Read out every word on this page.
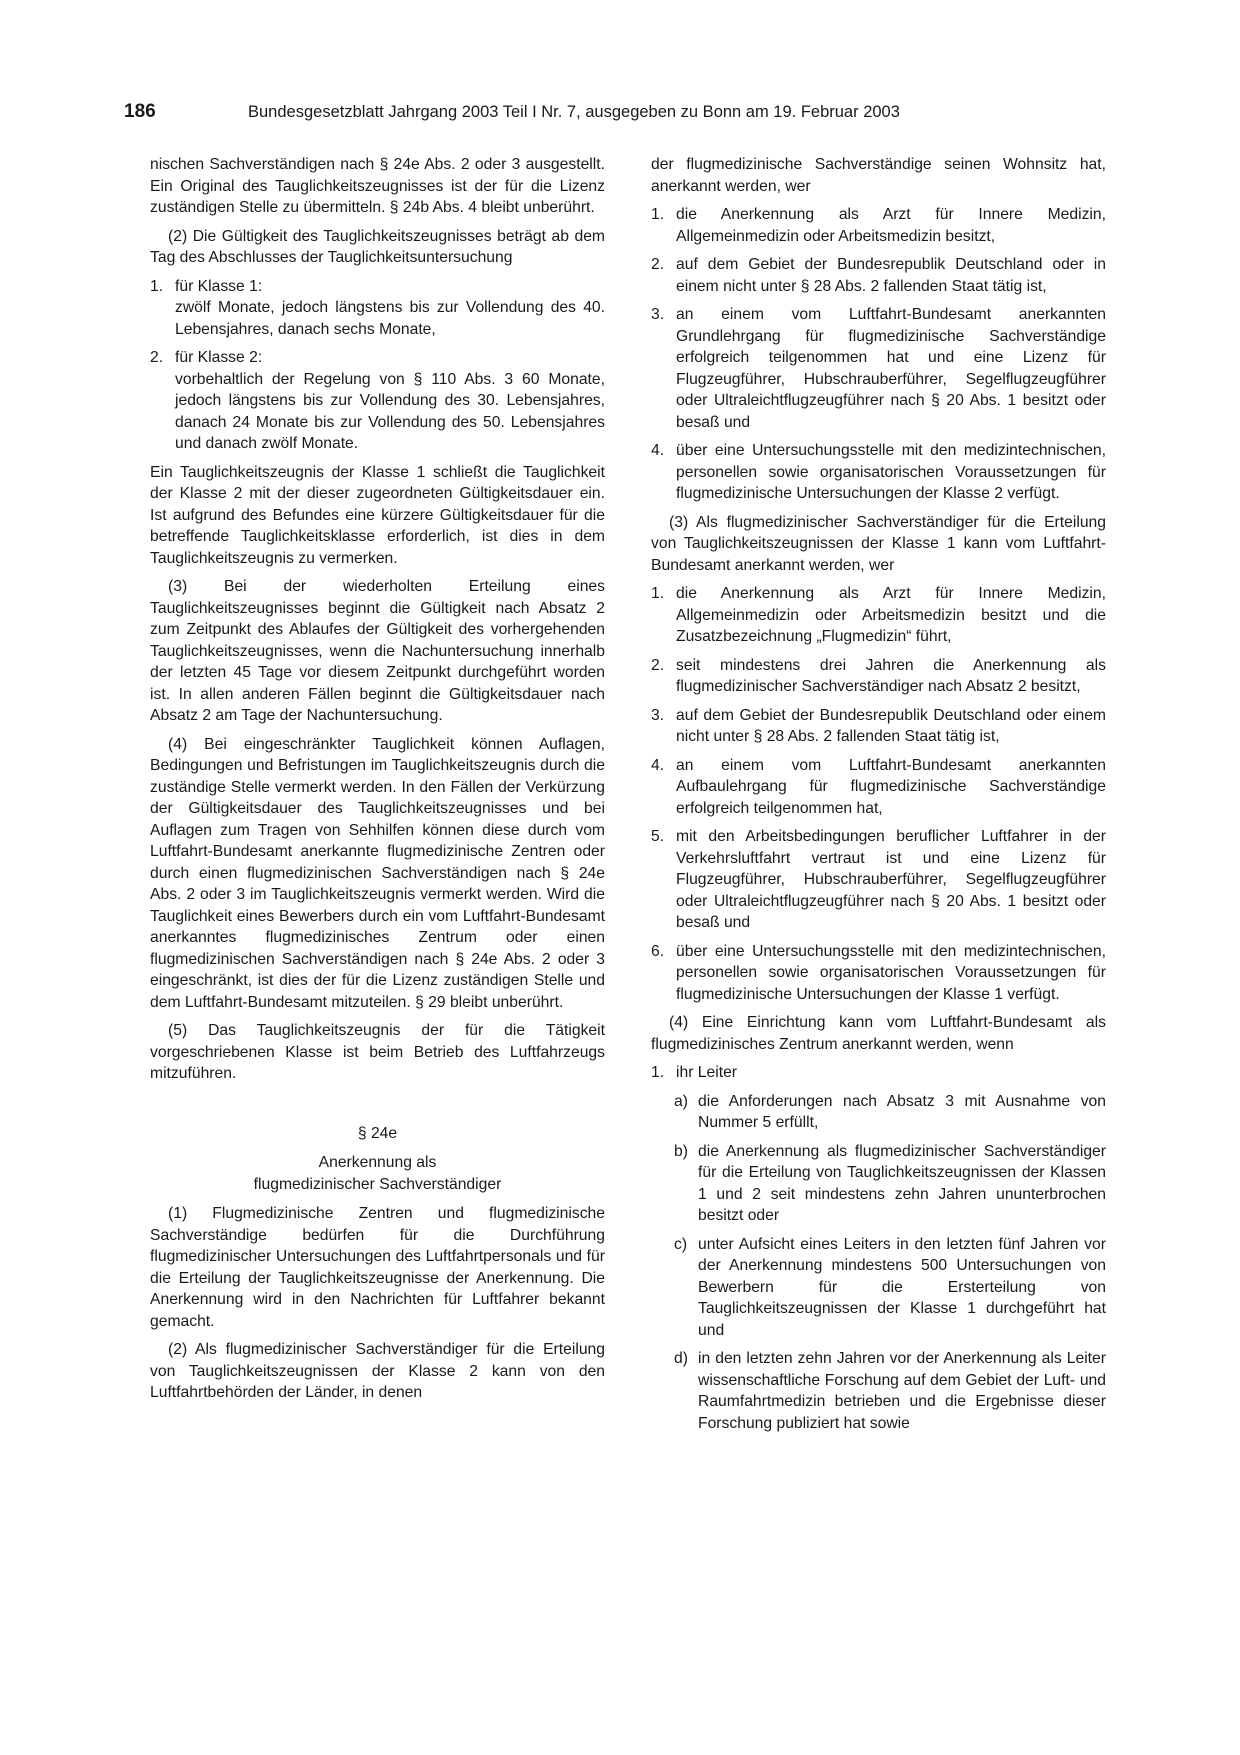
186	Bundesgesetzblatt Jahrgang 2003 Teil I Nr. 7, ausgegeben zu Bonn am 19. Februar 2003

nischen Sachverständigen nach § 24e Abs. 2 oder 3 ausgestellt. Ein Original des Tauglichkeitszeugnisses ist der für die Lizenz zuständigen Stelle zu übermitteln. § 24b Abs. 4 bleibt unberührt.

(2) Die Gültigkeit des Tauglichkeitszeugnisses beträgt ab dem Tag des Abschlusses der Tauglichkeitsuntersuchung

1. für Klasse 1:
zwölf Monate, jedoch längstens bis zur Vollendung des 40. Lebensjahres, danach sechs Monate,
2. für Klasse 2:
vorbehaltlich der Regelung von § 110 Abs. 3 60 Monate, jedoch längstens bis zur Vollendung des 30. Lebensjahres, danach 24 Monate bis zur Vollendung des 50. Lebensjahres und danach zwölf Monate.

Ein Tauglichkeitszeugnis der Klasse 1 schließt die Tauglichkeit der Klasse 2 mit der dieser zugeordneten Gültigkeitsdauer ein. Ist aufgrund des Befundes eine kürzere Gültigkeitsdauer für die betreffende Tauglichkeitsklasse erforderlich, ist dies in dem Tauglichkeitszeugnis zu vermerken.

(3) Bei der wiederholten Erteilung eines Tauglichkeitszeugnisses beginnt die Gültigkeit nach Absatz 2 zum Zeitpunkt des Ablaufes der Gültigkeit des vorhergehenden Tauglichkeitszeugnisses, wenn die Nachuntersuchung innerhalb der letzten 45 Tage vor diesem Zeitpunkt durchgeführt worden ist. In allen anderen Fällen beginnt die Gültigkeitsdauer nach Absatz 2 am Tage der Nachuntersuchung.

(4) Bei eingeschränkter Tauglichkeit können Auflagen, Bedingungen und Befristungen im Tauglichkeitszeugnis durch die zuständige Stelle vermerkt werden. In den Fällen der Verkürzung der Gültigkeitsdauer des Tauglichkeitszeugnisses und bei Auflagen zum Tragen von Sehhilfen können diese durch vom Luftfahrt-Bundesamt anerkannte flugmedizinische Zentren oder durch einen flugmedizinischen Sachverständigen nach § 24e Abs. 2 oder 3 im Tauglichkeitszeugnis vermerkt werden. Wird die Tauglichkeit eines Bewerbers durch ein vom Luftfahrt-Bundesamt anerkanntes flugmedizinisches Zentrum oder einen flugmedizinischen Sachverständigen nach § 24e Abs. 2 oder 3 eingeschränkt, ist dies der für die Lizenz zuständigen Stelle und dem Luftfahrt-Bundesamt mitzuteilen. § 29 bleibt unberührt.

(5) Das Tauglichkeitszeugnis der für die Tätigkeit vorgeschriebenen Klasse ist beim Betrieb des Luftfahrzeugs mitzuführen.

§ 24e
Anerkennung als
flugmedizinischer Sachverständiger

(1) Flugmedizinische Zentren und flugmedizinische Sachverständige bedürfen für die Durchführung flugmedizinischer Untersuchungen des Luftfahrtpersonals und für die Erteilung der Tauglichkeitszeugnisse der Anerkennung. Die Anerkennung wird in den Nachrichten für Luftfahrer bekannt gemacht.

(2) Als flugmedizinischer Sachverständiger für die Erteilung von Tauglichkeitszeugnissen der Klasse 2 kann von den Luftfahrtbehörden der Länder, in denen

der flugmedizinische Sachverständige seinen Wohnsitz hat, anerkannt werden, wer

1. die Anerkennung als Arzt für Innere Medizin, Allgemeinmedizin oder Arbeitsmedizin besitzt,
2. auf dem Gebiet der Bundesrepublik Deutschland oder in einem nicht unter § 28 Abs. 2 fallenden Staat tätig ist,
3. an einem vom Luftfahrt-Bundesamt anerkannten Grundlehrgang für flugmedizinische Sachverständige erfolgreich teilgenommen hat und eine Lizenz für Flugzeugführer, Hubschrauberführer, Segelflugzeugführer oder Ultraleichtflugzeugführer nach § 20 Abs. 1 besitzt oder besaß und
4. über eine Untersuchungsstelle mit den medizintechnischen, personellen sowie organisatorischen Voraussetzungen für flugmedizinische Untersuchungen der Klasse 2 verfügt.

(3) Als flugmedizinischer Sachverständiger für die Erteilung von Tauglichkeitszeugnissen der Klasse 1 kann vom Luftfahrt-Bundesamt anerkannt werden, wer

1. die Anerkennung als Arzt für Innere Medizin, Allgemeinmedizin oder Arbeitsmedizin besitzt und die Zusatzbezeichnung „Flugmedizin“ führt,
2. seit mindestens drei Jahren die Anerkennung als flugmedizinischer Sachverständiger nach Absatz 2 besitzt,
3. auf dem Gebiet der Bundesrepublik Deutschland oder einem nicht unter § 28 Abs. 2 fallenden Staat tätig ist,
4. an einem vom Luftfahrt-Bundesamt anerkannten Aufbaulehrgang für flugmedizinische Sachverständige erfolgreich teilgenommen hat,
5. mit den Arbeitsbedingungen beruflicher Luftfahrer in der Verkehrsluftfahrt vertraut ist und eine Lizenz für Flugzeugführer, Hubschrauberführer, Segelflugzeugführer oder Ultraleichtflugzeugführer nach § 20 Abs. 1 besitzt oder besaß und
6. über eine Untersuchungsstelle mit den medizintechnischen, personellen sowie organisatorischen Voraussetzungen für flugmedizinische Untersuchungen der Klasse 1 verfügt.

(4) Eine Einrichtung kann vom Luftfahrt-Bundesamt als flugmedizinisches Zentrum anerkannt werden, wenn

1. ihr Leiter
a) die Anforderungen nach Absatz 3 mit Ausnahme von Nummer 5 erfüllt,
b) die Anerkennung als flugmedizinischer Sachverständiger für die Erteilung von Tauglichkeitszeugnissen der Klassen 1 und 2 seit mindestens zehn Jahren ununterbrochen besitzt oder
c) unter Aufsicht eines Leiters in den letzten fünf Jahren vor der Anerkennung mindestens 500 Untersuchungen von Bewerbern für die Ersterteilung von Tauglichkeitszeugnissen der Klasse 1 durchgeführt hat und
d) in den letzten zehn Jahren vor der Anerkennung als Leiter wissenschaftliche Forschung auf dem Gebiet der Luft- und Raumfahrtmedizin betrieben und die Ergebnisse dieser Forschung publiziert hat sowie
